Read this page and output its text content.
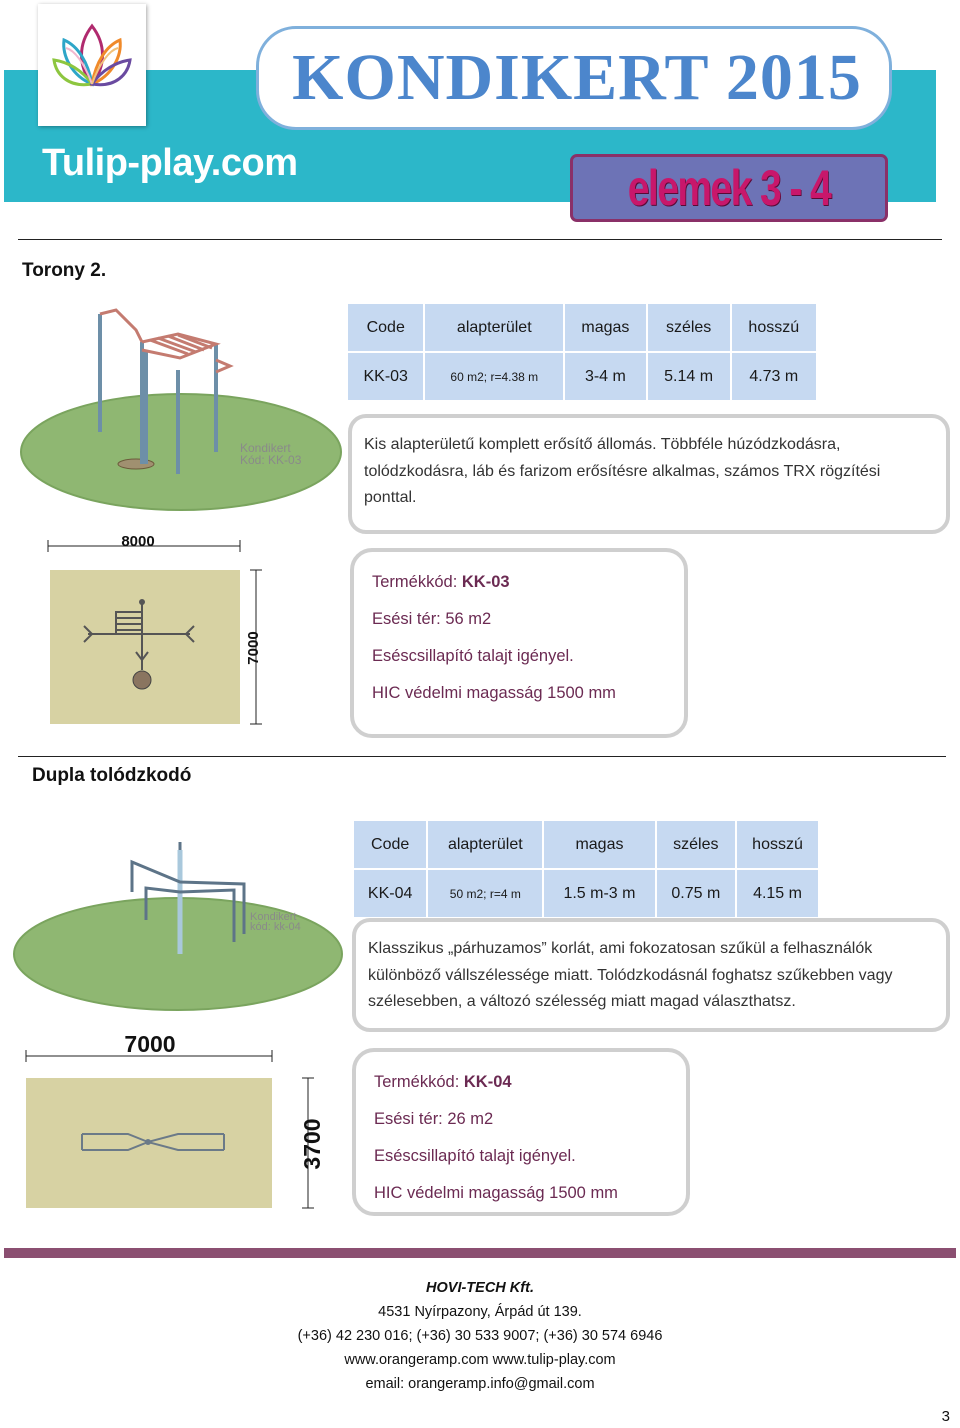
Tulip-play.com
KONDIKERT 2015
elemek 3 - 4
Torony 2.
Kondikert
Kód: KK-03
Code	alapterület	magas	széles	hosszú
KK-03	60 m2; r=4.38 m	3-4 m	5.14 m	4.73 m
Kis alapterületű komplett erősítő állomás. Többféle húzódzkodásra, tolódzkodásra, láb és farizom erősítésre alkalmas, számos TRX rögzítési ponttal.
8000
7000
Termékkód: KK-03
Esési tér: 56 m2
Eséscsillapító talajt igényel.
HIC védelmi magasság 1500 mm
Dupla tolódzkodó
Kondikert
kód: kk-04
Code	alapterület	magas	széles	hosszú
KK-04	50 m2; r=4 m	1.5 m-3 m	0.75 m	4.15 m
Klasszikus „párhuzamos” korlát, ami fokozatosan szűkül a felhasználók különböző vállszélessége miatt. Tolódzkodásnál foghatsz szűkebben vagy szélesebben, a változó szélesség miatt magad választhatsz.
7000
3700
Termékkód: KK-04
Esési tér: 26 m2
Eséscsillapító talajt igényel.
HIC védelmi magasság 1500 mm
HOVI-TECH Kft.
4531 Nyírpazony, Árpád út 139.
(+36) 42 230 016; (+36) 30 533 9007; (+36) 30 574 6946
www.orangeramp.com www.tulip-play.com
email: orangeramp.info@gmail.com
3
